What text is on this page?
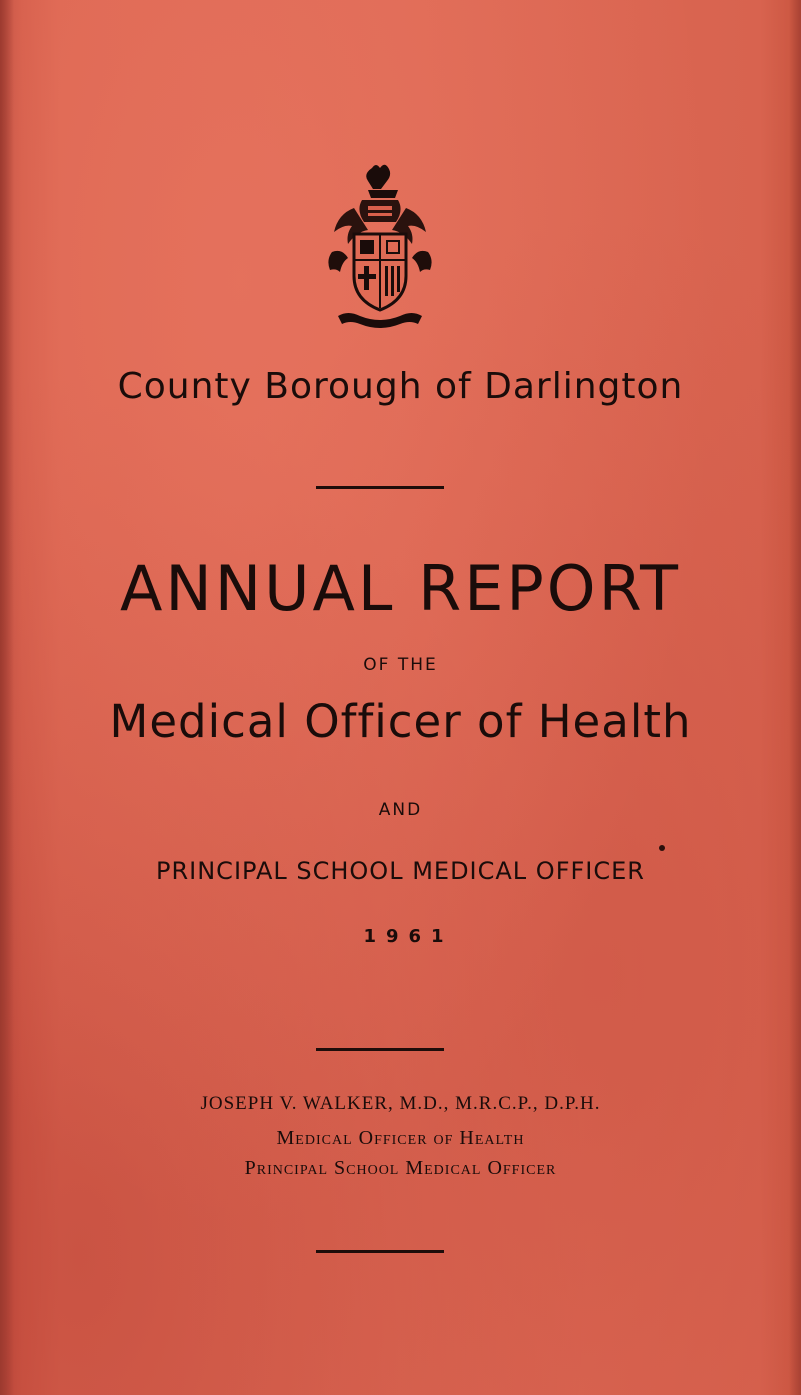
County Borough of Darlington
ANNUAL REPORT
OF THE
Medical Officer of Health
AND
PRINCIPAL SCHOOL MEDICAL OFFICER
1961
JOSEPH V. WALKER, M.D., M.R.C.P., D.P.H.
Medical Officer of Health
Principal School Medical Officer
